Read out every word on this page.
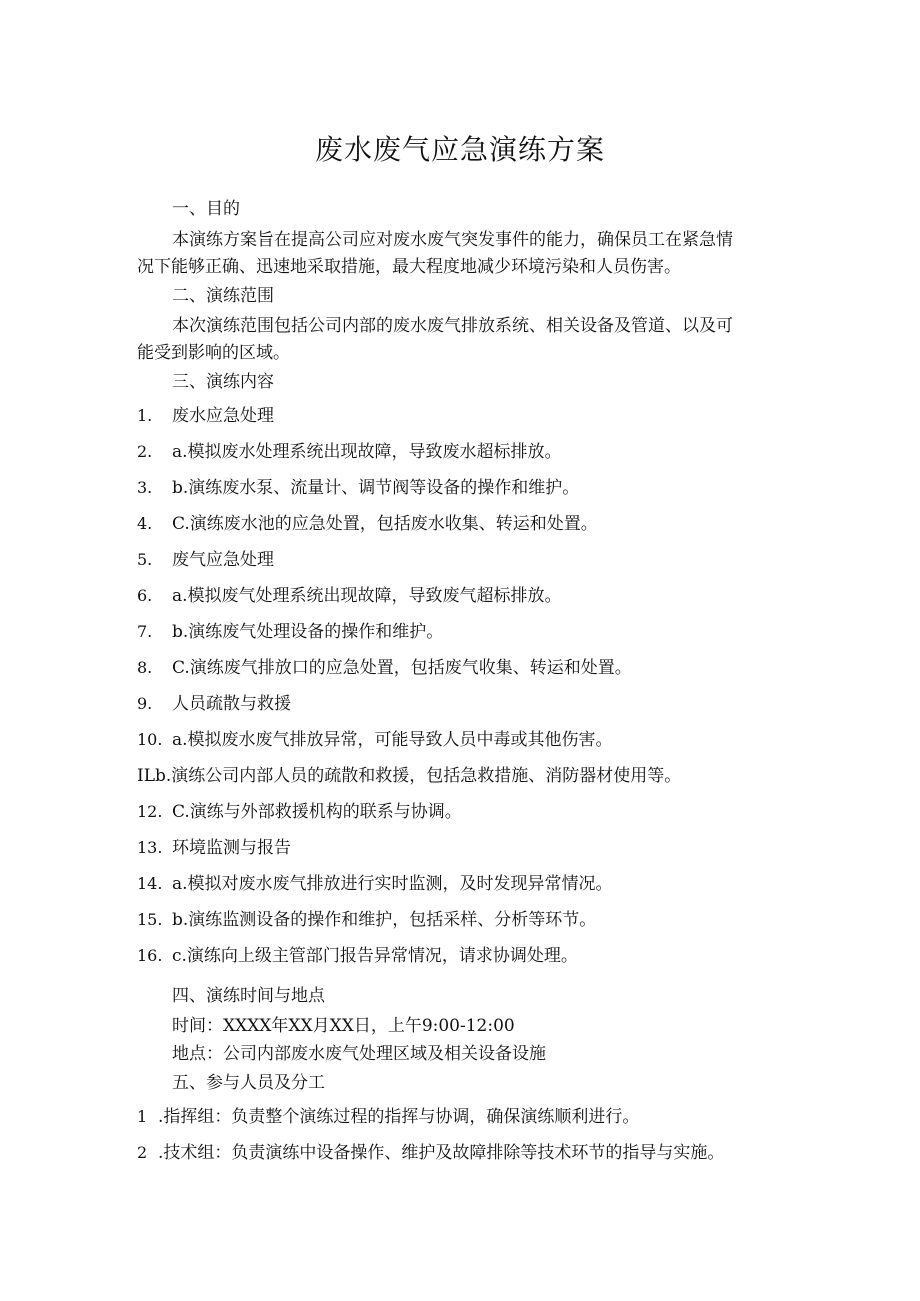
废水废气应急演练方案
一、目的
本演练方案旨在提高公司应对废水废气突发事件的能力，确保员工在紧急情
况下能够正确、迅速地采取措施，最大程度地减少环境污染和人员伤害。
二、演练范围
本次演练范围包括公司内部的废水废气排放系统、相关设备及管道、以及可
能受到影响的区域。
三、演练内容
1. 废水应急处理
2. a.模拟废水处理系统出现故障，导致废水超标排放。
3. b.演练废水泵、流量计、调节阀等设备的操作和维护。
4. C.演练废水池的应急处置，包括废水收集、转运和处置。
5. 废气应急处理
6. a.模拟废气处理系统出现故障，导致废气超标排放。
7. b.演练废气处理设备的操作和维护。
8. C.演练废气排放口的应急处置，包括废气收集、转运和处置。
9. 人员疏散与救援
10. a.模拟废水废气排放异常，可能导致人员中毒或其他伤害。
ILb.演练公司内部人员的疏散和救援，包括急救措施、消防器材使用等。
12. C.演练与外部救援机构的联系与协调。
13. 环境监测与报告
14. a.模拟对废水废气排放进行实时监测，及时发现异常情况。
15. b.演练监测设备的操作和维护，包括采样、分析等环节。
16. c.演练向上级主管部门报告异常情况，请求协调处理。
四、演练时间与地点
时间：XXXX年XX月XX日，上午9:00-12:00
地点：公司内部废水废气处理区域及相关设备设施
五、参与人员及分工
1 .指挥组：负责整个演练过程的指挥与协调，确保演练顺利进行。
2 .技术组：负责演练中设备操作、维护及故障排除等技术环节的指导与实施。
